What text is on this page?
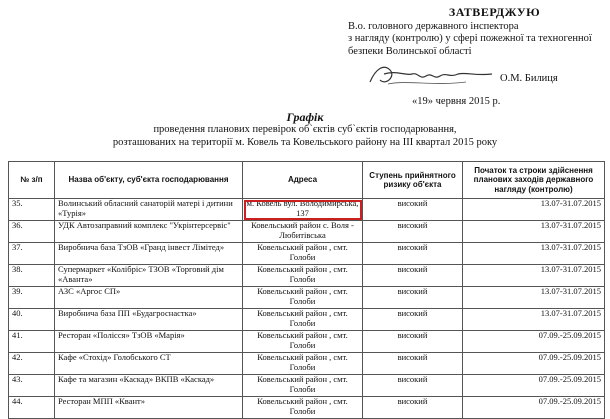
ЗАТВЕРДЖУЮ
В.о. головного державного інспектора
з нагляду (контролю) у сфері пожежної та техногенної
безпеки Волинської області
О.М. Билиця
«19» червня 2015 р.
Графік
проведення планових перевірок об`єктів суб`єктів господарювання,
розташованих на території м. Ковель та Ковельського району на ІІІ квартал 2015 року
№ з/п	Назва об'єкту, суб'єкта господарювання	Адреса	Ступень прийнятного ризику об'єкта	Початок та строки здійснення планових заходів державного нагляду (контролю)
35.	Волинський обласний санаторій матері і дитини «Турія»	м. Ковель вул. Володимирська, 137	високий	13.07-31.07.2015
36.	УДК Автозаправний комплекс "Укрінтерсервіс"	Ковельський район с. Воля - Любитівська	високий	13.07-31.07.2015
37.	Виробнича база ТзОВ «Гранд інвест Лімітед»	Ковельський район , смт. Голоби	високий	13.07-31.07.2015
38.	Супермаркет «Колібріс» ТЗОВ «Торговий дім «Аванта»	Ковельський район , смт. Голоби	високий	13.07-31.07.2015
39.	АЗС «Аргос СП»	Ковельський район , смт. Голоби	високий	13.07-31.07.2015
40.	Виробнича база ПП «Будагроснастка»	Ковельський район , смт. Голоби	високий	13.07-31.07.2015
41.	Ресторан «Полісся» ТзОВ «Марія»	Ковельський район , смт. Голоби	високий	07.09.-25.09.2015
42.	Кафе «Стохід» Голобського СТ	Ковельський район , смт. Голоби	високий	07.09.-25.09.2015
43.	Кафе та магазин «Каскад» ВКПВ «Каскад»	Ковельський район , смт. Голоби	високий	07.09.-25.09.2015
44.	Ресторан МПП «Квант»	Ковельський район , смт. Голоби	високий	07.09.-25.09.2015
